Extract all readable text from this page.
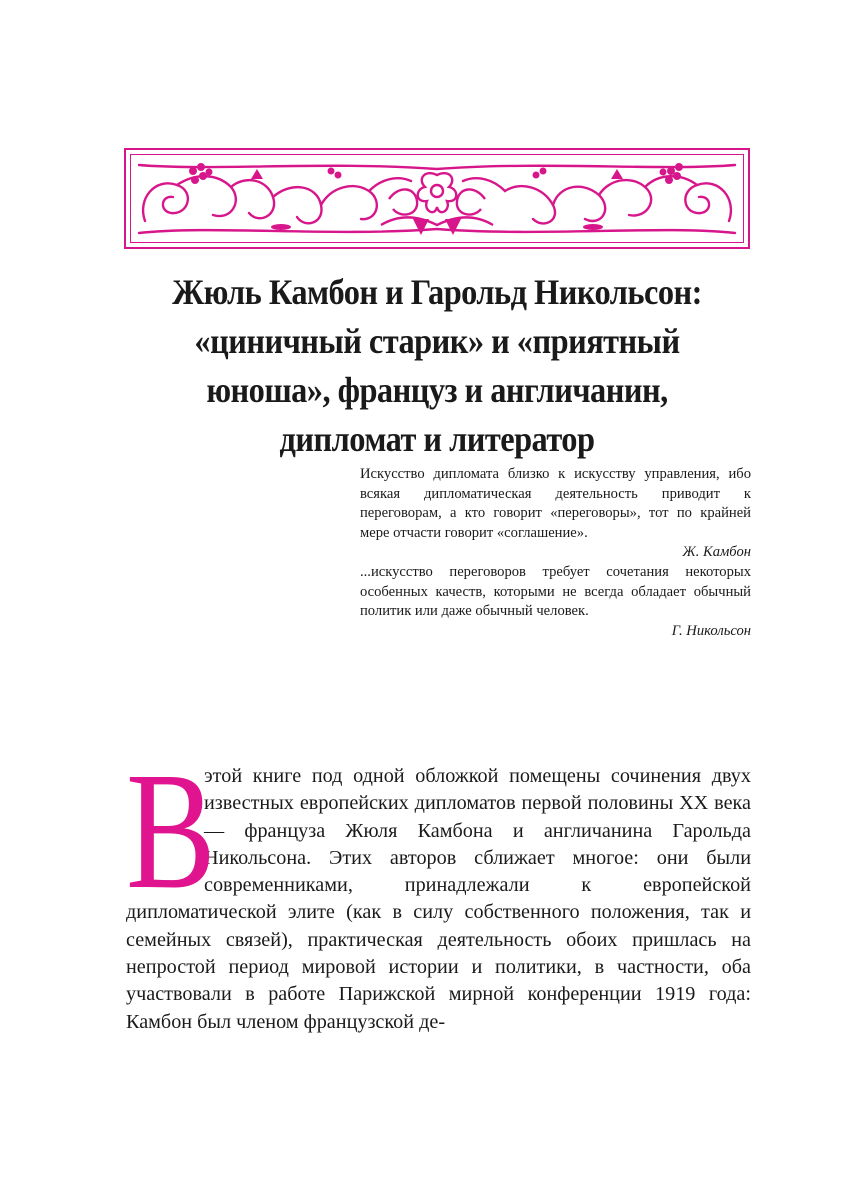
Жюль Камбон и Гарольд Никольсон:
«циничный старик» и «приятный
юноша», француз и англичанин,
дипломат и литератор

Искусство дипломата близко к искусству управления, ибо всякая дипломатическая деятельность приводит к переговорам, а кто говорит «переговоры», тот по крайней мере отчасти говорит «соглашение».

Ж. Камбон

...искусство переговоров требует сочетания некоторых особенных качеств, которыми не всегда обладает обычный политик или даже обычный человек.

Г. Никольсон

В

этой книге под одной обложкой помещены сочинения двух известных европейских дипломатов первой половины XX века — француза Жюля Камбона и англичанина Гарольда Никольсона. Этих авторов сближает многое: они были современниками, принадлежали к европейской дипломатической элите (как в силу собственного положения, так и семейных связей), практическая деятельность обоих пришлась на непростой период мировой истории и политики, в частности, оба участвовали в работе Парижской мирной конференции 1919 года: Камбон был членом французской де-
